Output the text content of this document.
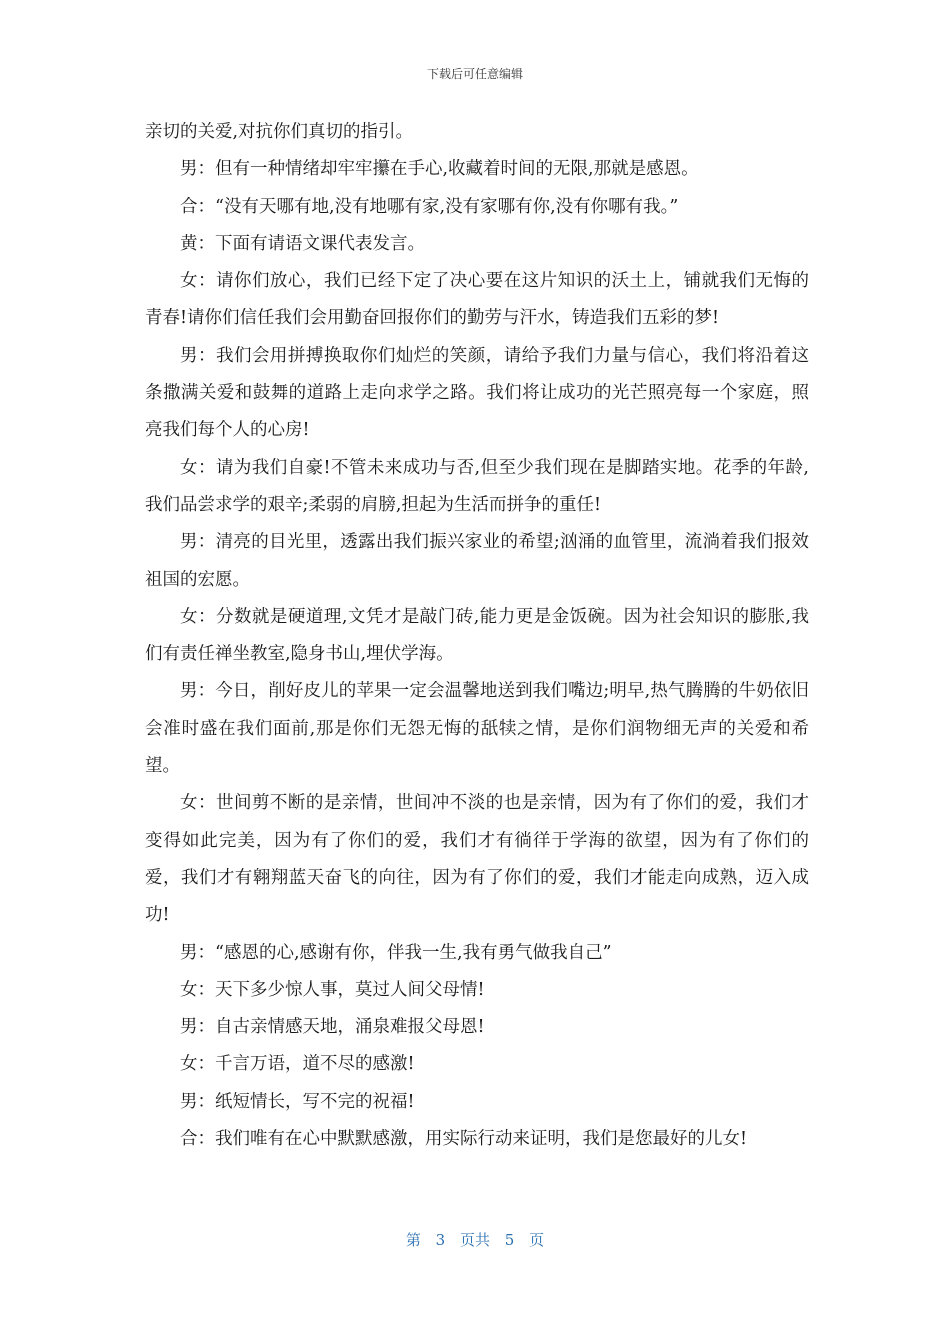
下载后可任意编辑

亲切的关爱,对抗你们真切的指引。

男：但有一种情绪却牢牢攥在手心,收藏着时间的无限,那就是感恩。

合：“没有天哪有地,没有地哪有家,没有家哪有你,没有你哪有我。”

黄：下面有请语文课代表发言。

女：请你们放心，我们已经下定了决心要在这片知识的沃土上，铺就我们无悔的青春!请你们信任我们会用勤奋回报你们的勤劳与汗水，铸造我们五彩的梦!

男：我们会用拼搏换取你们灿烂的笑颜，请给予我们力量与信心，我们将沿着这条撒满关爱和鼓舞的道路上走向求学之路。我们将让成功的光芒照亮每一个家庭，照亮我们每个人的心房!

女：请为我们自豪!不管未来成功与否,但至少我们现在是脚踏实地。花季的年龄,我们品尝求学的艰辛;柔弱的肩膀,担起为生活而拼争的重任!

男：清亮的目光里，透露出我们振兴家业的希望;汹涌的血管里，流淌着我们报效祖国的宏愿。

女：分数就是硬道理,文凭才是敲门砖,能力更是金饭碗。因为社会知识的膨胀,我们有责任禅坐教室,隐身书山,埋伏学海。

男：今日，削好皮儿的苹果一定会温馨地送到我们嘴边;明早,热气腾腾的牛奶依旧会准时盛在我们面前,那是你们无怨无悔的舐犊之情，是你们润物细无声的关爱和希望。

女：世间剪不断的是亲情，世间冲不淡的也是亲情，因为有了你们的爱，我们才变得如此完美，因为有了你们的爱，我们才有徜徉于学海的欲望，因为有了你们的爱，我们才有翱翔蓝天奋飞的向往，因为有了你们的爱，我们才能走向成熟，迈入成功!

男：“感恩的心,感谢有你，伴我一生,我有勇气做我自己”

女：天下多少惊人事，莫过人间父母情!

男：自古亲情感天地，涌泉难报父母恩!

女：千言万语，道不尽的感激!

男：纸短情长，写不完的祝福!

合：我们唯有在心中默默感激，用实际行动来证明，我们是您最好的儿女!

第 3 页共 5 页
